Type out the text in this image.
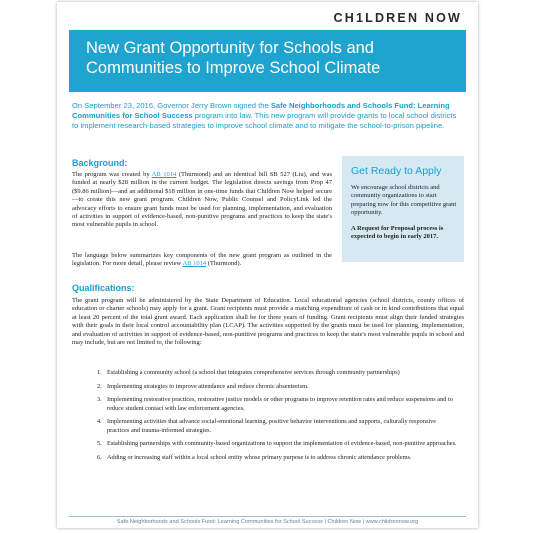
CH1LDREN NOW
New Grant Opportunity for Schools and Communities to Improve School Climate
On September 23, 2016, Governor Jerry Brown signed the Safe Neighborhoods and Schools Fund: Learning Communities for School Success program into law. This new program will provide grants to local school districts to implement research-based strategies to improve school climate and to mitigate the school-to-prison pipeline.
Background:
The program was created by AB 1014 (Thurmond) and an identical bill SB 527 (Liu), and was funded at nearly $28 million in the current budget. The legislation directs savings from Prop 47 ($9.86 million)—and an additional $18 million in one-time funds that Children Now helped secure—to create this new grant program. Children Now, Public Counsel and PolicyLink led the advocacy efforts to ensure grant funds must be used for planning, implementation, and evaluation of activities in support of evidence-based, non-punitive programs and practices to keep the state's most vulnerable pupils in school.
The language below summarizes key components of the new grant program as outlined in the legislation. For more detail, please review AB 1014 (Thurmond).
Get Ready to Apply
We encourage school districts and community organizations to start preparing now for this competitive grant opportunity.
A Request for Proposal process is expected to begin in early 2017.
Qualifications:
The grant program will be administered by the State Department of Education. Local educational agencies (school districts, county offices of education or charter schools) may apply for a grant. Grant recipients must provide a matching expenditure of cash or in kind contributions that equal at least 20 percent of the total grant award. Each application shall be for three years of funding. Grant recipients must align their funded strategies with their goals in their local control accountability plan (LCAP). The activities supported by the grants must be used for planning, implementation, and evaluation of activities in support of evidence-based, non-punitive programs and practices to keep the state's most vulnerable pupils in school and may include, but are not limited to, the following:
1. Establishing a community school (a school that integrates comprehensive services through community partnerships)
2. Implementing strategies to improve attendance and reduce chronic absenteeism.
3. Implementing restorative practices, restorative justice models or other programs to improve retention rates and reduce suspensions and to reduce student contact with law enforcement agencies.
4. Implementing activities that advance social-emotional learning, positive behavior interventions and supports, culturally responsive practices and trauma-informed strategies.
5. Establishing partnerships with community-based organizations to support the implementation of evidence-based, non-punitive approaches.
6. Adding or increasing staff within a local school entity whose primary purpose is to address chronic attendance problems.
Safe Neighborhoods and Schools Fund: Learning Communities for School Success | Children Now | www.childrennow.org
